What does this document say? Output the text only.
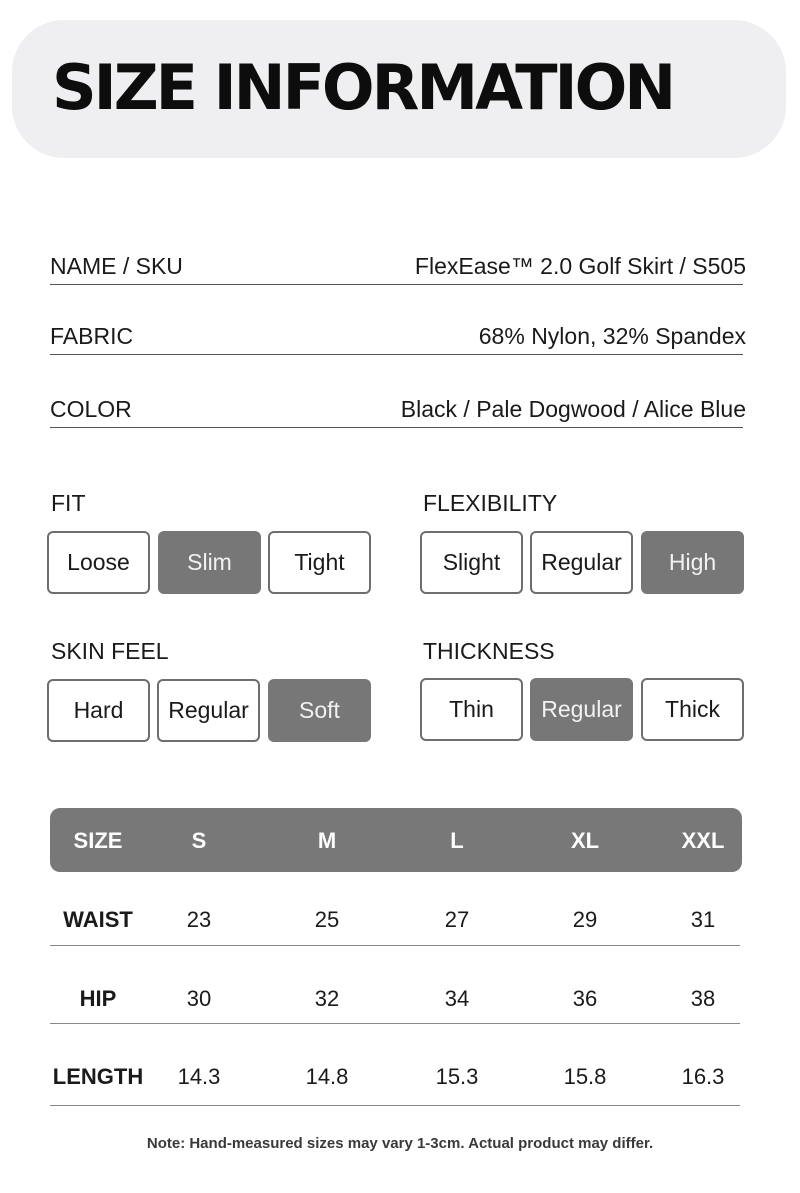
SIZE INFORMATION
NAME / SKU	FlexEase™ 2.0 Golf Skirt / S505
FABRIC	68% Nylon, 32% Spandex
COLOR	Black / Pale Dogwood / Alice Blue
FIT
Loose	Slim	Tight
FLEXIBILITY
Slight	Regular	High
SKIN FEEL
Hard	Regular	Soft
THICKNESS
Thin	Regular	Thick
SIZE	S	M	L	XL	XXL
WAIST	23	25	27	29	31
HIP	30	32	34	36	38
LENGTH	14.3	14.8	15.3	15.8	16.3
Note: Hand-measured sizes may vary 1-3cm. Actual product may differ.
